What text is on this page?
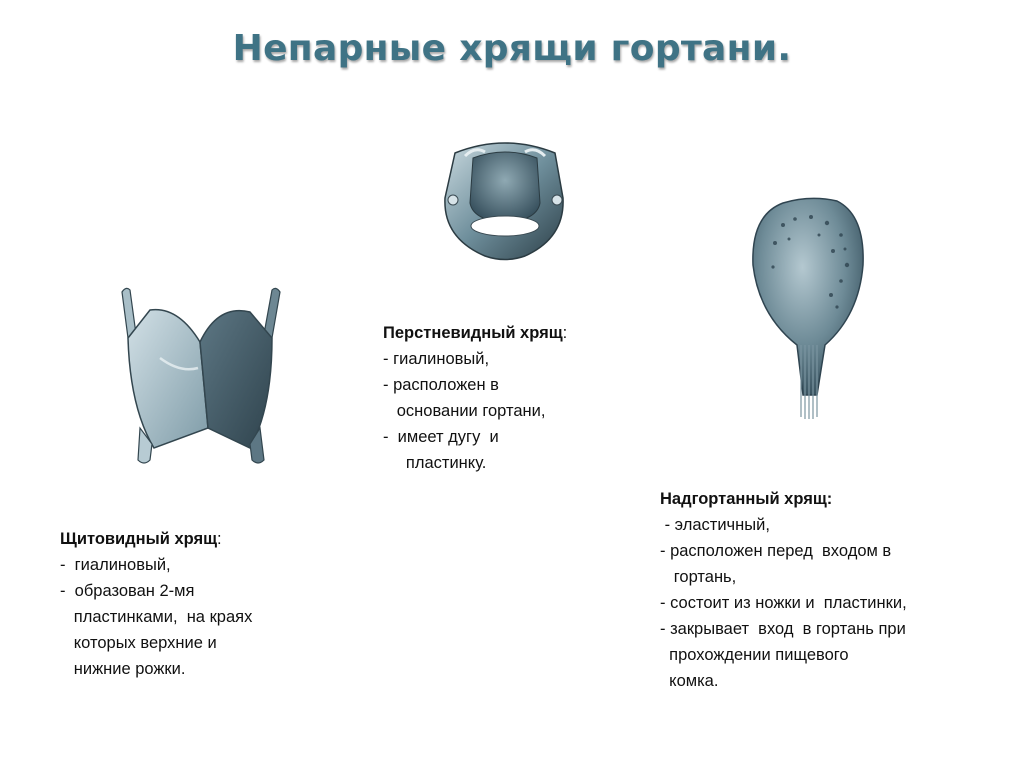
Непарные хрящи гортани.
Щитовидный хрящ:
-  гиалиновый,
-  образован 2-мя
пластинками,  на краях
которых верхние и
нижние рожки.
Перстневидный хрящ:
- гиалиновый,
- расположен в
основании гортани,
-  имеет дугу  и
пластинку.
Надгортанный хрящ:
- эластичный,
- расположен перед  входом в
гортань,
- состоит из ножки и  пластинки,
- закрывает  вход  в гортань при
прохождении пищевого
комка.
